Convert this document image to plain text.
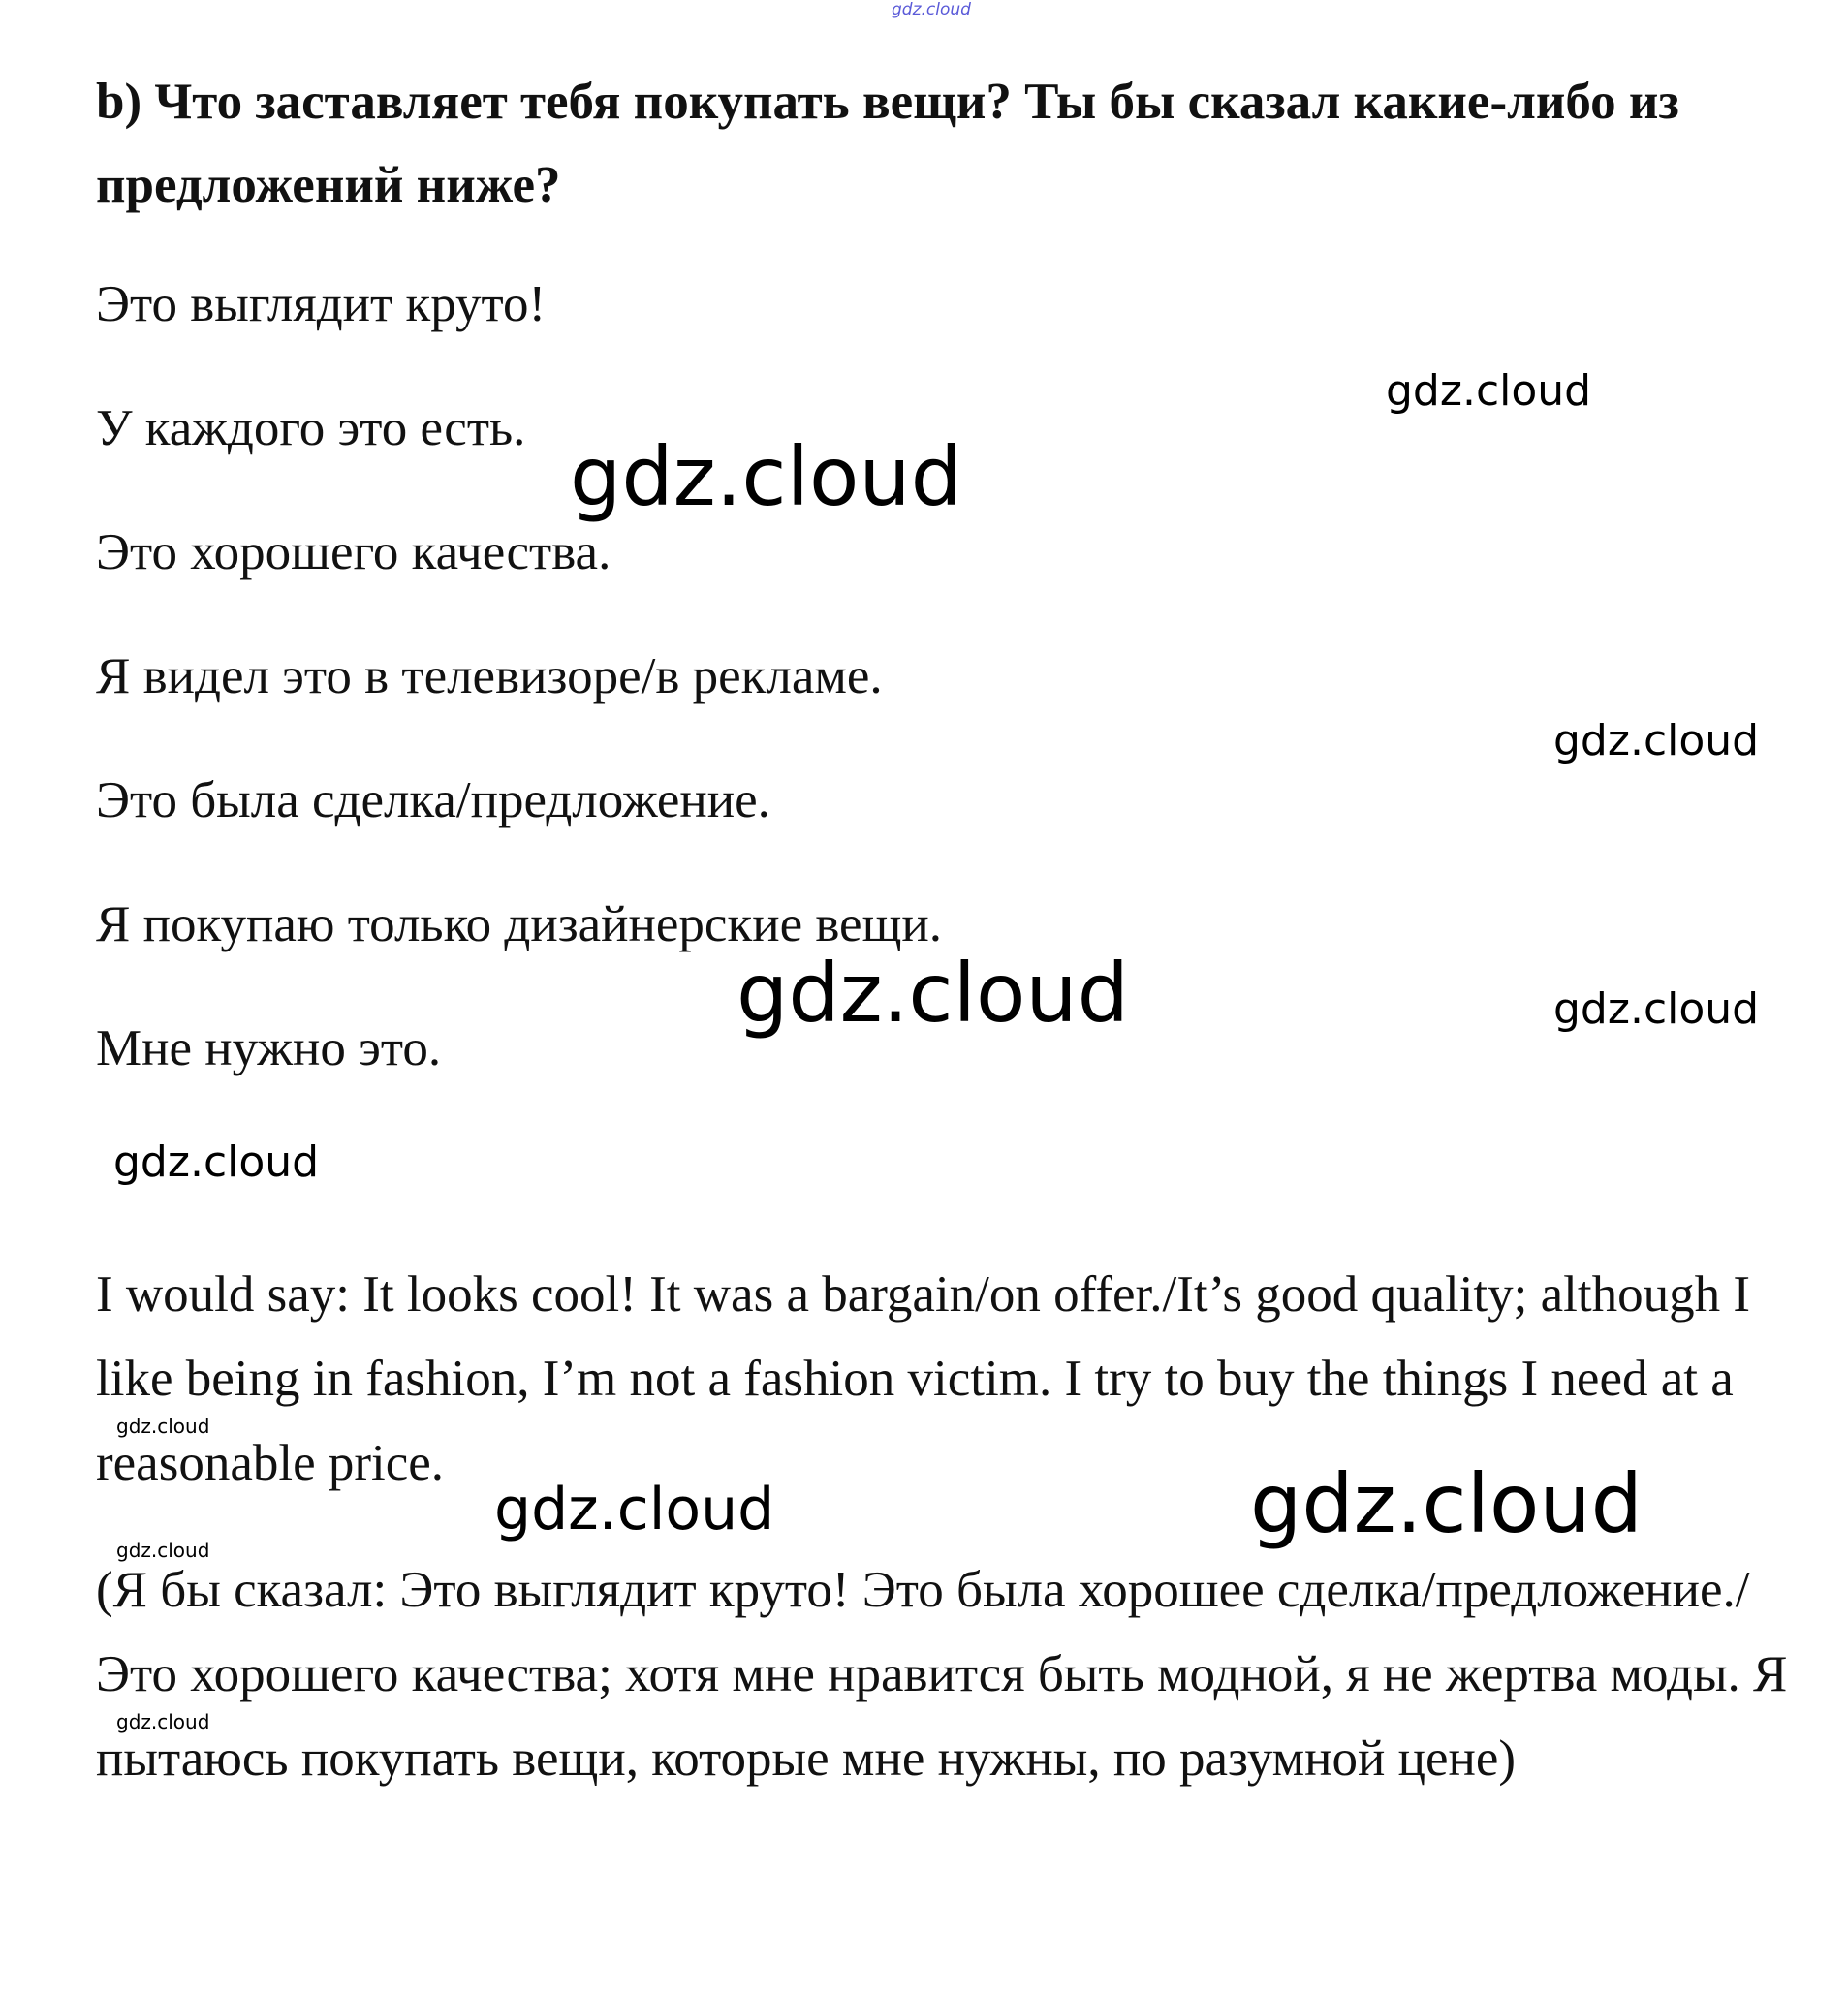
gdz.cloud

b) Что заставляет тебя покупать вещи? Ты бы сказал какие-либо из предложений ниже?

Это выглядит круто!
У каждого это есть.
Это хорошего качества.
Я видел это в телевизоре/в рекламе.
Это была сделка/предложение.
Я покупаю только дизайнерские вещи.
Мне нужно это.

I would say: It looks cool! It was a bargain/on offer./It’s good quality; although I like being in fashion, I’m not a fashion victim. I try to buy the things I need at a reasonable price.

(Я бы сказал: Это выглядит круто! Это была хорошее сделка/предложение./Это хорошего качества; хотя мне нравится быть модной, я не жертва моды. Я пытаюсь покупать вещи, которые мне нужны, по разумной цене)

gdz.cloud
gdz.cloud
gdz.cloud
gdz.cloud	gdz.cloud
gdz.cloud
gdz.cloud
gdz.cloud	gdz.cloud
gdz.cloud
gdz.cloud
